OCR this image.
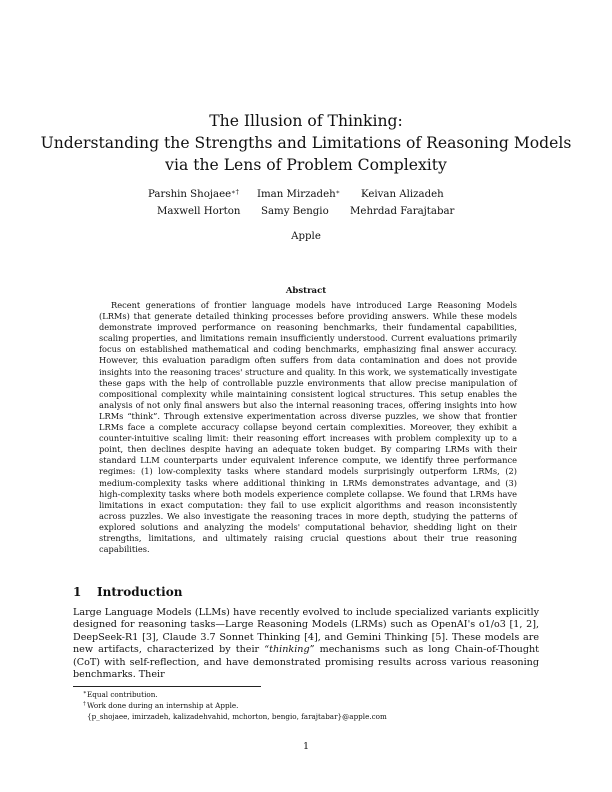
The Illusion of Thinking:
Understanding the Strengths and Limitations of Reasoning Models
via the Lens of Problem Complexity
Parshin Shojaee∗† Iman Mirzadeh∗ Keivan Alizadeh
Maxwell Horton Samy Bengio Mehrdad Farajtabar
Apple
Abstract

Recent generations of frontier language models have introduced Large Reasoning Models (LRMs) that generate detailed thinking processes before providing answers. While these models demonstrate improved performance on reasoning benchmarks, their fundamental capabilities, scaling properties, and limitations remain insufficiently understood. Current evaluations primarily focus on established mathematical and coding benchmarks, emphasizing final answer accuracy. However, this evaluation paradigm often suffers from data contamination and does not provide insights into the reasoning traces' structure and quality. In this work, we systematically investigate these gaps with the help of controllable puzzle environments that allow precise manipulation of compositional complexity while maintaining consistent logical structures. This setup enables the analysis of not only final answers but also the internal reasoning traces, offering insights into how LRMs “think”. Through extensive experimentation across diverse puzzles, we show that frontier LRMs face a complete accuracy collapse beyond certain complexities. Moreover, they exhibit a counter-intuitive scaling limit: their reasoning effort increases with problem complexity up to a point, then declines despite having an adequate token budget. By comparing LRMs with their standard LLM counterparts under equivalent inference compute, we identify three performance regimes: (1) low-complexity tasks where standard models surprisingly outperform LRMs, (2) medium-complexity tasks where additional thinking in LRMs demonstrates advantage, and (3) high-complexity tasks where both models experience complete collapse. We found that LRMs have limitations in exact computation: they fail to use explicit algorithms and reason inconsistently across puzzles. We also investigate the reasoning traces in more depth, studying the patterns of explored solutions and analyzing the models' computational behavior, shedding light on their strengths, limitations, and ultimately raising crucial questions about their true reasoning capabilities.

1 Introduction

Large Language Models (LLMs) have recently evolved to include specialized variants explicitly designed for reasoning tasks—Large Reasoning Models (LRMs) such as OpenAI's o1/o3 [1, 2], DeepSeek-R1 [3], Claude 3.7 Sonnet Thinking [4], and Gemini Thinking [5]. These models are new artifacts, characterized by their “thinking” mechanisms such as long Chain-of-Thought (CoT) with self-reflection, and have demonstrated promising results across various reasoning benchmarks. Their

∗ Equal contribution.
† Work done during an internship at Apple.
{p_shojaee, imirzadeh, kalizadehvahid, mchorton, bengio, farajtabar}@apple.com
1
